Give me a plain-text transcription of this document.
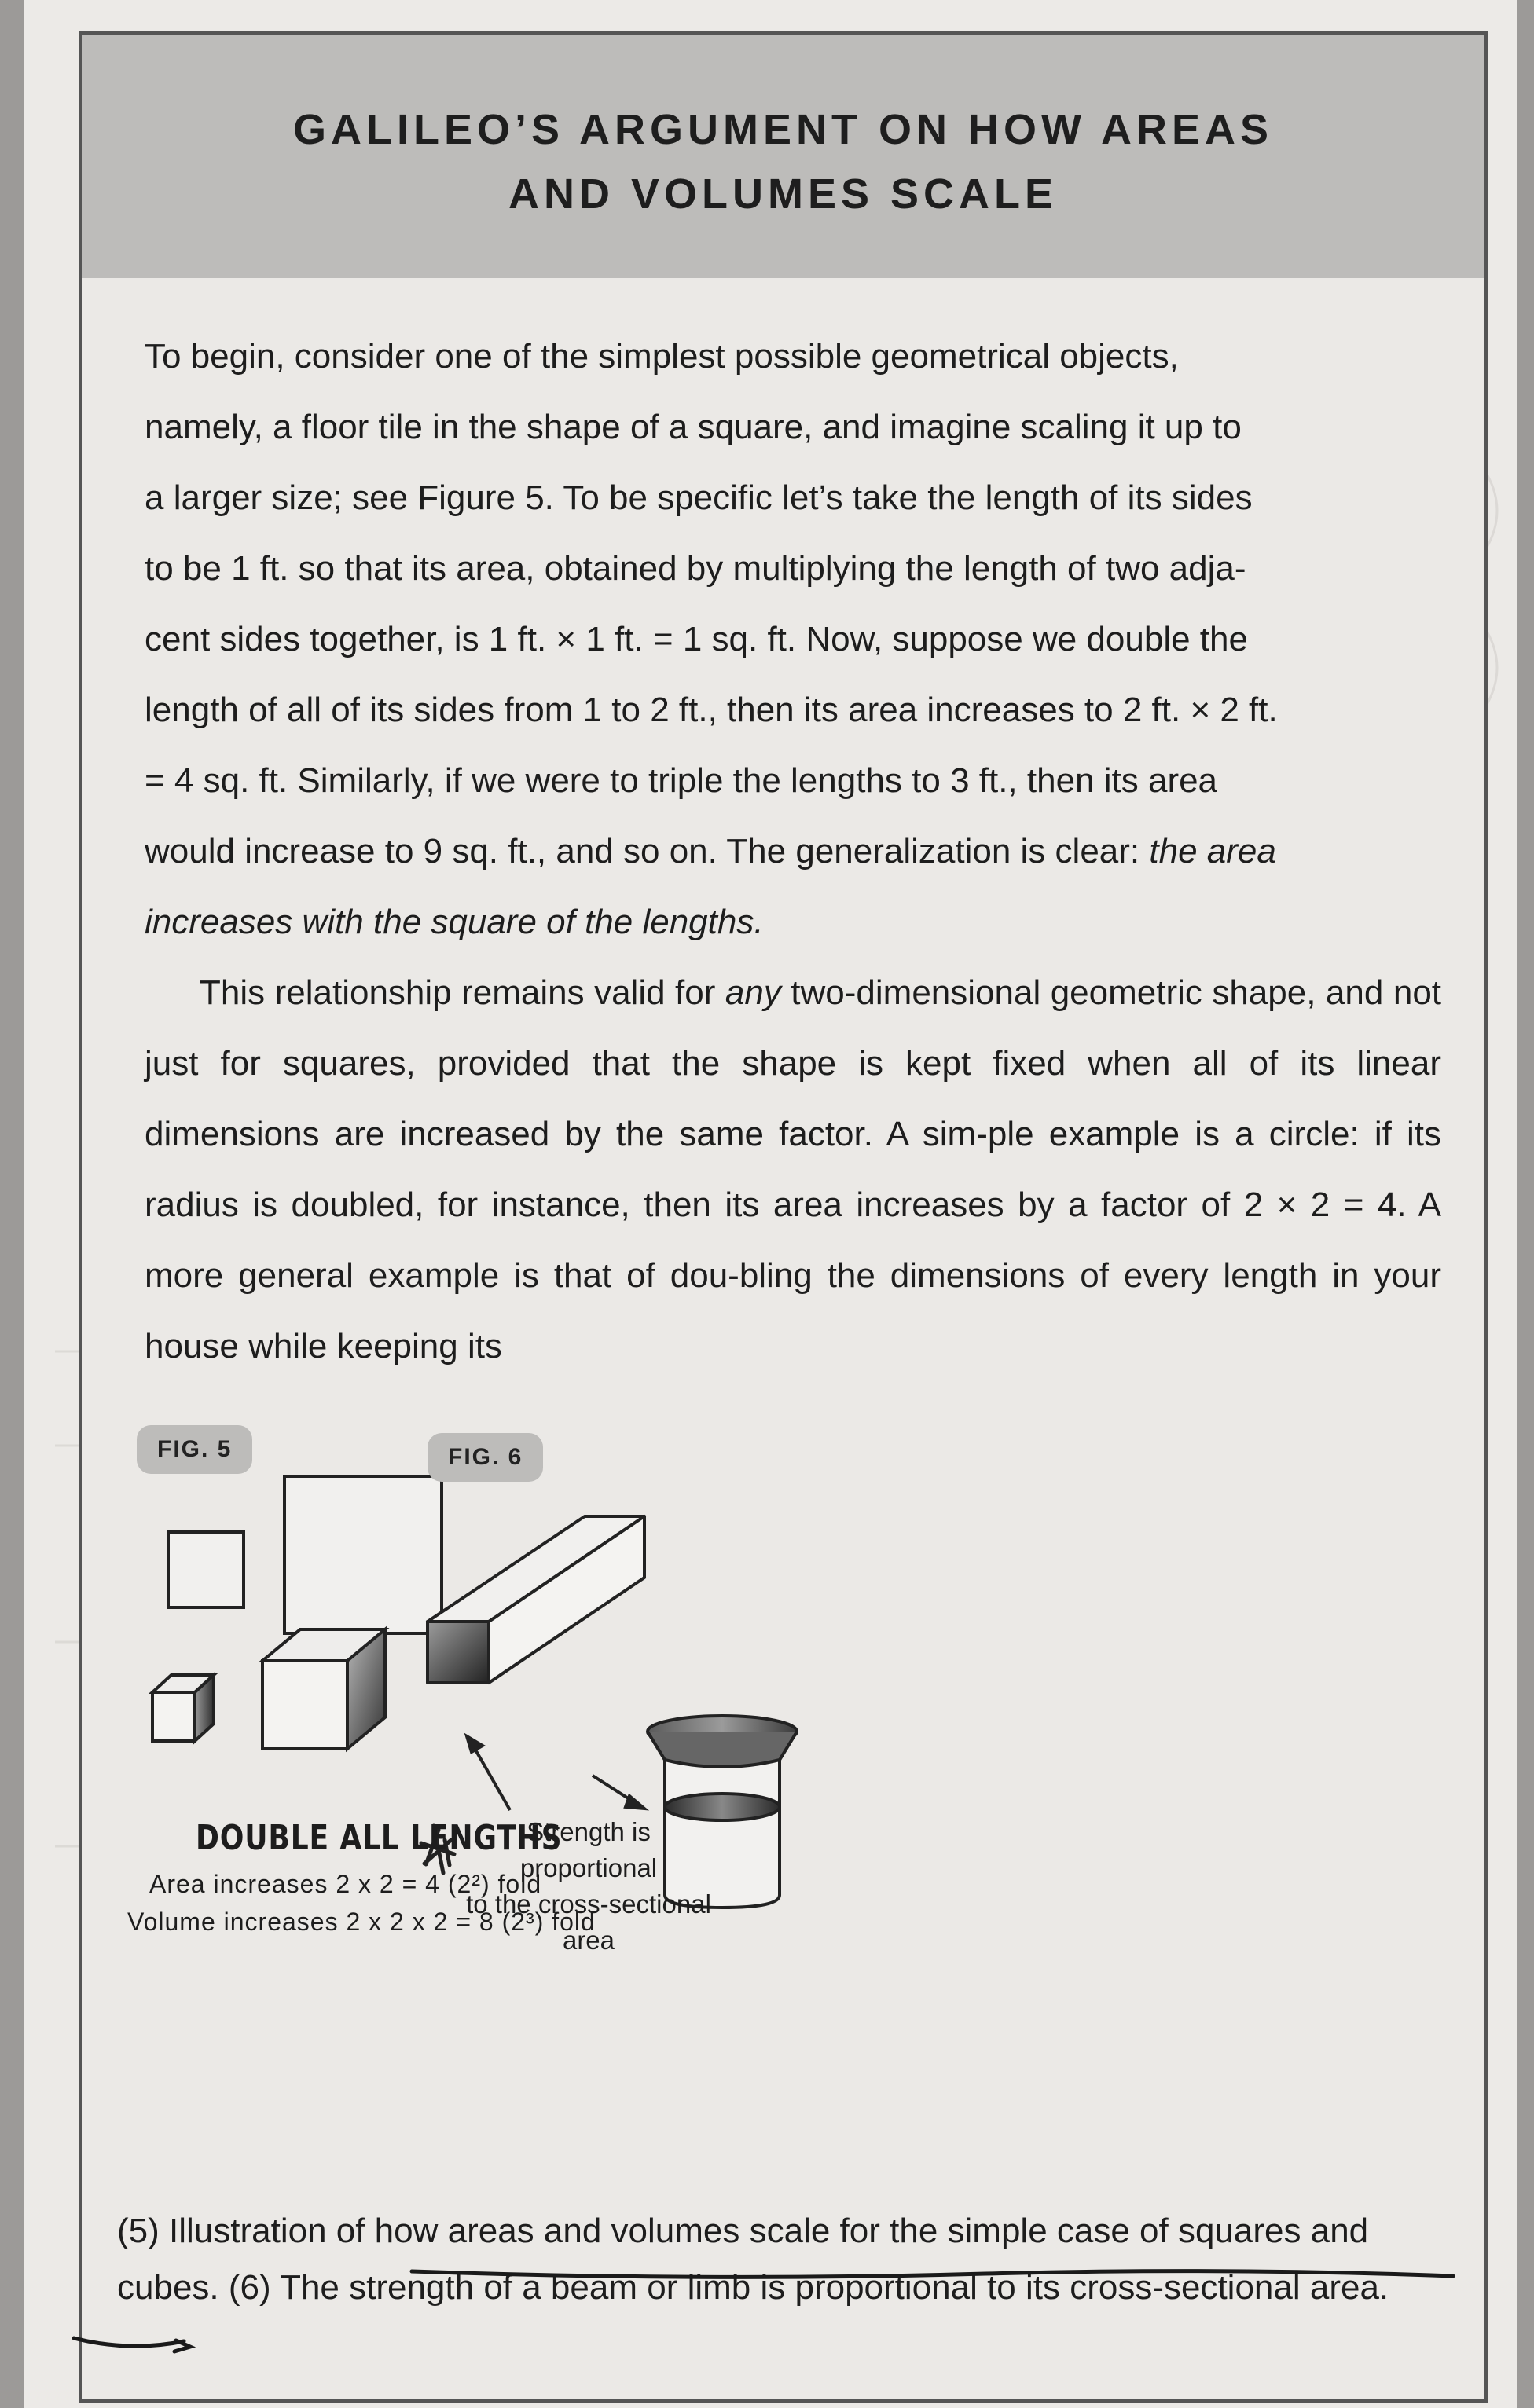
GALILEO’S ARGUMENT ON HOW AREAS
AND VOLUMES SCALE

To begin, consider one of the simplest possible geometrical objects,

namely, a floor tile in the shape of a square, and imagine scaling it up to

a larger size; see Figure 5. To be specific let’s take the length of its sides

to be 1 ft. so that its area, obtained by multiplying the length of two adja-

cent sides together, is 1 ft. × 1 ft. = 1 sq. ft. Now, suppose we double the

length of all of its sides from 1 to 2 ft., then its area increases to 2 ft. × 2 ft.

= 4 sq. ft. Similarly, if we were to triple the lengths to 3 ft., then its area

would increase to 9 sq. ft., and so on. The generalization is clear: the area

increases with the square of the lengths.

This relationship remains valid for any two-dimensional geometric shape, and not just for squares, provided that the shape is kept fixed when all of its linear dimensions are increased by the same factor. A sim-ple example is a circle: if its radius is doubled, for instance, then its area increases by a factor of 2 × 2 = 4. A more general example is that of dou-bling the dimensions of every length in your house while keeping its
FIG. 5
DOUBLE ALL LENGTHS
Area increases 2 x 2 = 4 (2²) fold
Volume increases 2 x 2 x 2 = 8 (2³) fold
FIG. 6
Strength is proportional
to the cross-sectional area
(5) Illustration of how areas and volumes scale for the simple case of squares and cubes. (6) The strength of a beam or limb is proportional to its cross-sectional area.
